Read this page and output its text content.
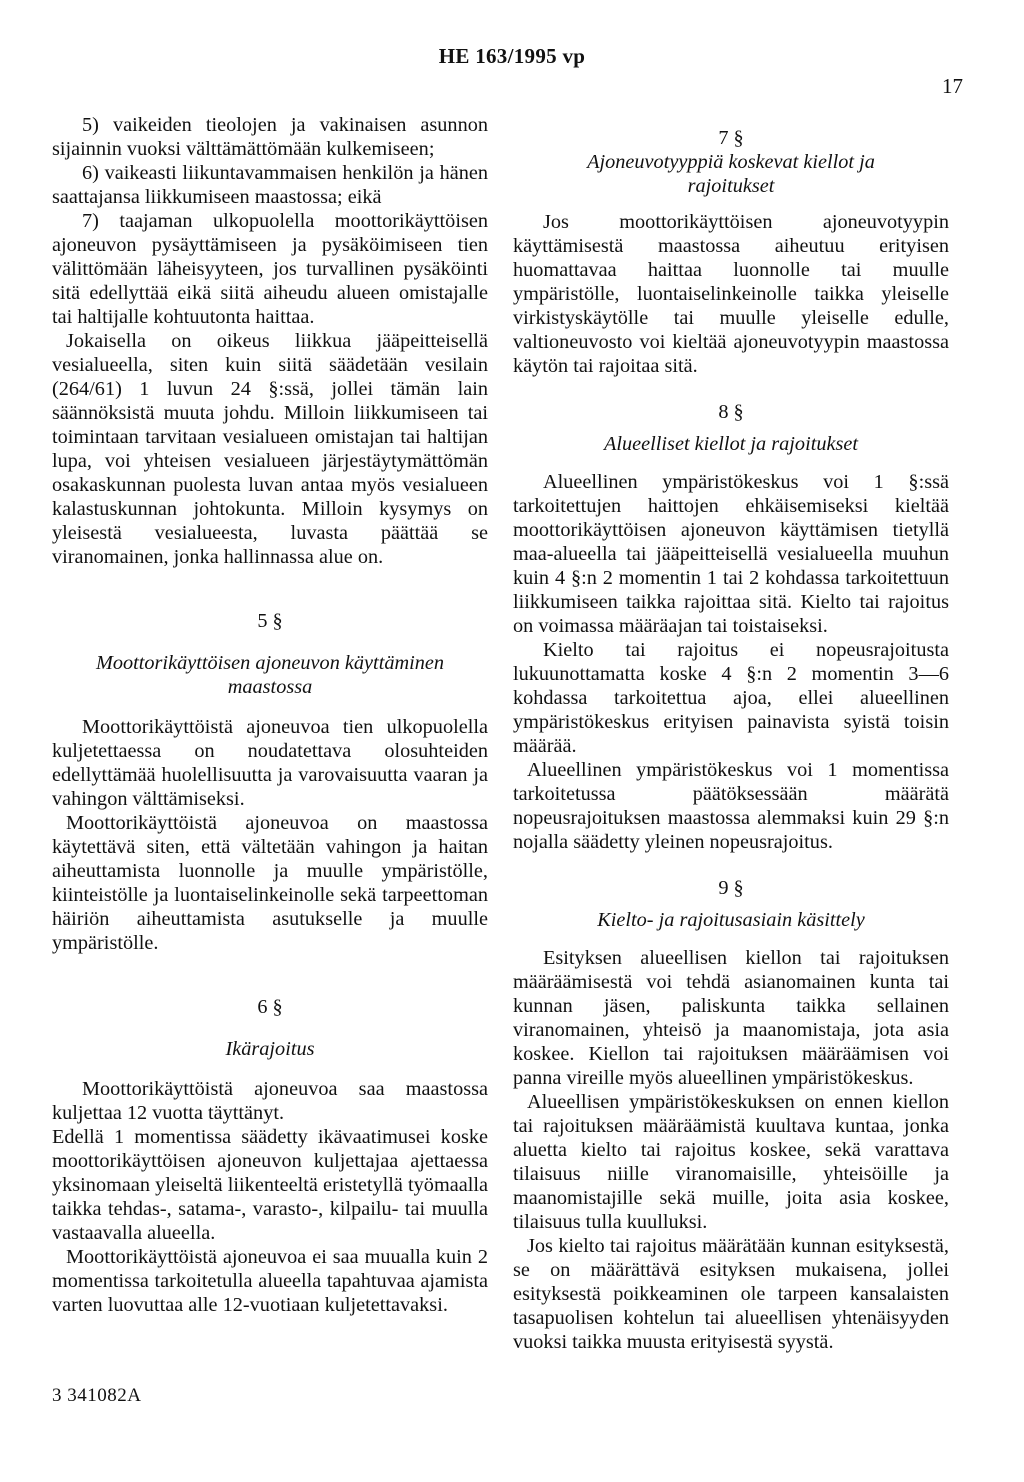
HE 163/1995 vp
17

5) vaikeiden tieolojen ja vakinaisen asunnon sijainnin vuoksi välttämättömään kulkemiseen;

6) vaikeasti liikuntavammaisen henkilön ja hänen saattajansa liikkumiseen maastossa; eikä

7) taajaman ulkopuolella moottorikäyttöisen ajoneuvon pysäyttämiseen ja pysäköimiseen tien välittömään läheisyyteen, jos turvallinen pysäköinti sitä edellyttää eikä siitä aiheudu alueen omistajalle tai haltijalle kohtuutonta haittaa.

Jokaisella on oikeus liikkua jääpeitteisellä vesialueella, siten kuin siitä säädetään vesilain (264/61) 1 luvun 24 §:ssä, jollei tämän lain säännöksistä muuta johdu. Milloin liikkumiseen tai toimintaan tarvitaan vesialueen omistajan tai haltijan lupa, voi yhteisen vesialueen järjestäytymättömän osakaskunnan puolesta luvan antaa myös vesialueen kalastuskunnan johtokunta. Milloin kysymys on yleisestä vesialueesta, luvasta päättää se viranomainen, jonka hallinnassa alue on.

5 §
Moottorikäyttöisen ajoneuvon käyttäminen maastossa

Moottorikäyttöistä ajoneuvoa tien ulkopuolella kuljetettaessa on noudatettava olosuhteiden edellyttämää huolellisuutta ja varovaisuutta vaaran ja vahingon välttämiseksi.

Moottorikäyttöistä ajoneuvoa on maastossa käytettävä siten, että vältetään vahingon ja haitan aiheuttamista luonnolle ja muulle ympäristölle, kiinteistölle ja luontaiselinkeinolle sekä tarpeettoman häiriön aiheuttamista asutukselle ja muulle ympäristölle.

6 §
Ikärajoitus

Moottorikäyttöistä ajoneuvoa saa maastossa kuljettaa 12 vuotta täyttänyt.

Edellä 1 momentissa säädetty ikävaatimusei koske moottorikäyttöisen ajoneuvon kuljettajaa ajettaessa yksinomaan yleiseltä liikenteeltä eristetyllä työmaalla taikka tehdas-, satama-, varasto-, kilpailu- tai muulla vastaavalla alueella.

Moottorikäyttöistä ajoneuvoa ei saa muualla kuin 2 momentissa tarkoitetulla alueella tapahtuvaa ajamista varten luovuttaa alle 12-vuotiaan kuljetettavaksi.

7 §
Ajoneuvotyyppiä koskevat kiellot ja rajoitukset

Jos moottorikäyttöisen ajoneuvotyypin käyttämisestä maastossa aiheutuu erityisen huomattavaa haittaa luonnolle tai muulle ympäristölle, luontaiselinkeinolle taikka yleiselle virkistyskäytölle tai muulle yleiselle edulle, valtioneuvosto voi kieltää ajoneuvotyypin maastossa käytön tai rajoitaa sitä.

8 §
Alueelliset kiellot ja rajoitukset

Alueellinen ympäristökeskus voi 1 §:ssä tarkoitettujen haittojen ehkäisemiseksi kieltää moottorikäyttöisen ajoneuvon käyttämisen tietyllä maa-alueella tai jääpeitteisellä vesialueella muuhun kuin 4 §:n 2 momentin 1 tai 2 kohdassa tarkoitettuun liikkumiseen taikka rajoittaa sitä. Kielto tai rajoitus on voimassa määräajan tai toistaiseksi.

Kielto tai rajoitus ei nopeusrajoitusta lukuunottamatta koske 4 §:n 2 momentin 3—6 kohdassa tarkoitettua ajoa, ellei alueellinen ympäristökeskus erityisen painavista syistä toisin määrää.

Alueellinen ympäristökeskus voi 1 momentissa tarkoitetussa päätöksessään määrätä nopeusrajoituksen maastossa alemmaksi kuin 29 §:n nojalla säädetty yleinen nopeusrajoitus.

9 §
Kielto- ja rajoitusasiain käsittely

Esityksen alueellisen kiellon tai rajoituksen määräämisestä voi tehdä asianomainen kunta tai kunnan jäsen, paliskunta taikka sellainen viranomainen, yhteisö ja maanomistaja, jota asia koskee. Kiellon tai rajoituksen määräämisen voi panna vireille myös alueellinen ympäristökeskus.

Alueellisen ympäristökeskuksen on ennen kiellon tai rajoituksen määräämistä kuultava kuntaa, jonka aluetta kielto tai rajoitus koskee, sekä varattava tilaisuus niille viranomaisille, yhteisöille ja maanomistajille sekä muille, joita asia koskee, tilaisuus tulla kuulluksi.

Jos kielto tai rajoitus määrätään kunnan esityksestä, se on määrättävä esityksen mukaisena, jollei esityksestä poikkeaminen ole tarpeen kansalaisten tasapuolisen kohtelun tai alueellisen yhtenäisyyden vuoksi taikka muusta erityisestä syystä.

3 341082A
